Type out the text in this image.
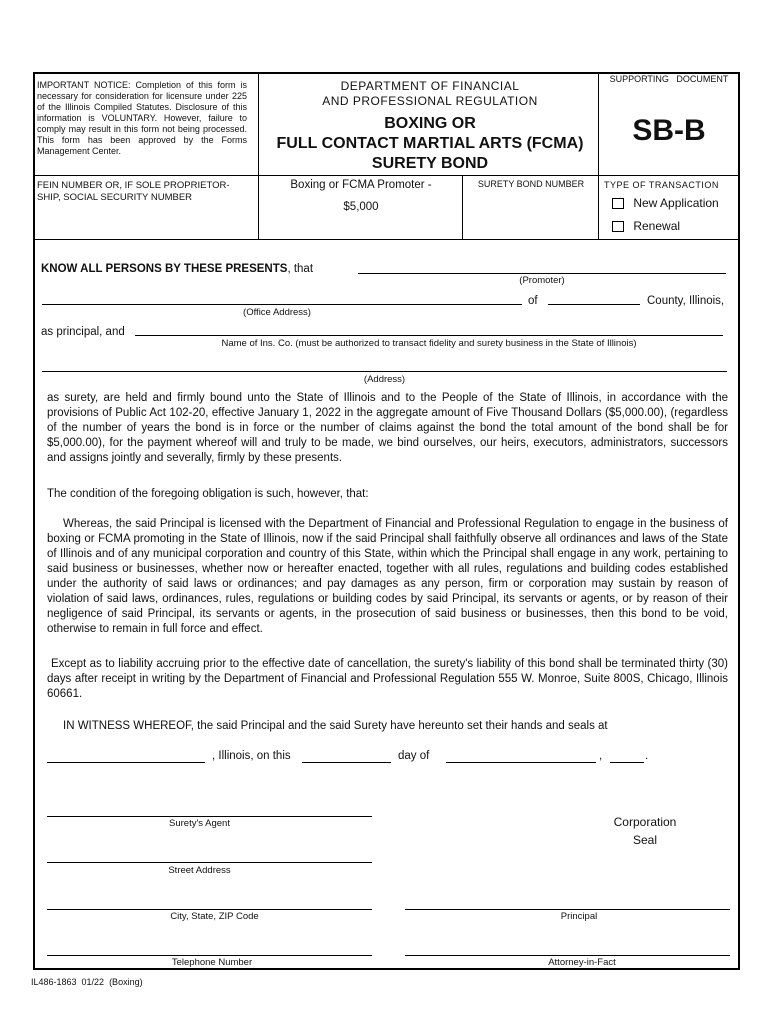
IMPORTANT NOTICE: Completion of this form is necessary for consideration for licensure under 225 of the Illinois Compiled Statutes. Disclosure of this information is VOLUNTARY. However, failure to comply may result in this form not being processed. This form has been approved by the Forms Management Center.
DEPARTMENT OF FINANCIAL
AND PROFESSIONAL REGULATION
BOXING OR
FULL CONTACT MARTIAL ARTS (FCMA)
SURETY BOND
SUPPORTING   DOCUMENT
SB-B
FEIN NUMBER OR, IF SOLE PROPRIETOR-SHIP, SOCIAL SECURITY NUMBER
Boxing or FCMA Promoter -
$5,000
SURETY BOND NUMBER	TYPE OF TRANSACTION
New Application
Renewal
KNOW ALL PERSONS BY THESE PRESENTS, that
(Promoter)
of	County, Illinois,
(Office Address)
as principal, and
Name of Ins. Co. (must be authorized to transact fidelity and surety business in the State of Illinois)
(Address)
as surety, are held and firmly bound unto the State of Illinois and to the People of the State of Illinois, in accordance with the provisions of Public Act 102-20, effective January 1, 2022 in the aggregate amount of Five Thousand Dollars ($5,000.00), (regardless of the number of years the bond is in force or the number of claims against the bond the total amount of the bond shall be for $5,000.00), for the payment whereof will and truly to be made, we bind ourselves, our heirs, executors, administrators, successors and assigns jointly and severally, firmly by these presents.
The condition of the foregoing obligation is such, however, that:
Whereas, the said Principal is licensed with the Department of Financial and Professional Regulation to engage in the business of boxing or FCMA promoting in the State of Illinois, now if the said Principal shall faithfully observe all ordinances and laws of the State of Illinois and of any municipal corporation and country of this State, within which the Principal shall engage in any work, pertaining to said business or businesses, whether now or hereafter enacted, together with all rules, regulations and building codes established under the authority of said laws or ordinances; and pay damages as any person, firm or corporation may sustain by reason of violation of said laws, ordinances, rules, regulations or building codes by said Principal, its servants or agents, or by reason of their negligence of said Principal, its servants or agents, in the prosecution of said business or businesses, then this bond to be void, otherwise to remain in full force and effect.
Except as to liability accruing prior to the effective date of cancellation, the surety's liability of this bond shall be terminated thirty (30) days after receipt in writing by the Department of Financial and Professional Regulation 555 W. Monroe, Suite 800S, Chicago, Illinois 60661.
IN WITNESS WHEREOF, the said Principal and the said Surety have hereunto set their hands and seals at
, Illinois, on this	day of	,	.
Surety's Agent
Street Address
City, State, ZIP Code
Telephone Number
Corporation
Seal
Principal
Attorney-in-Fact
IL486-1863  01/22  (Boxing)
